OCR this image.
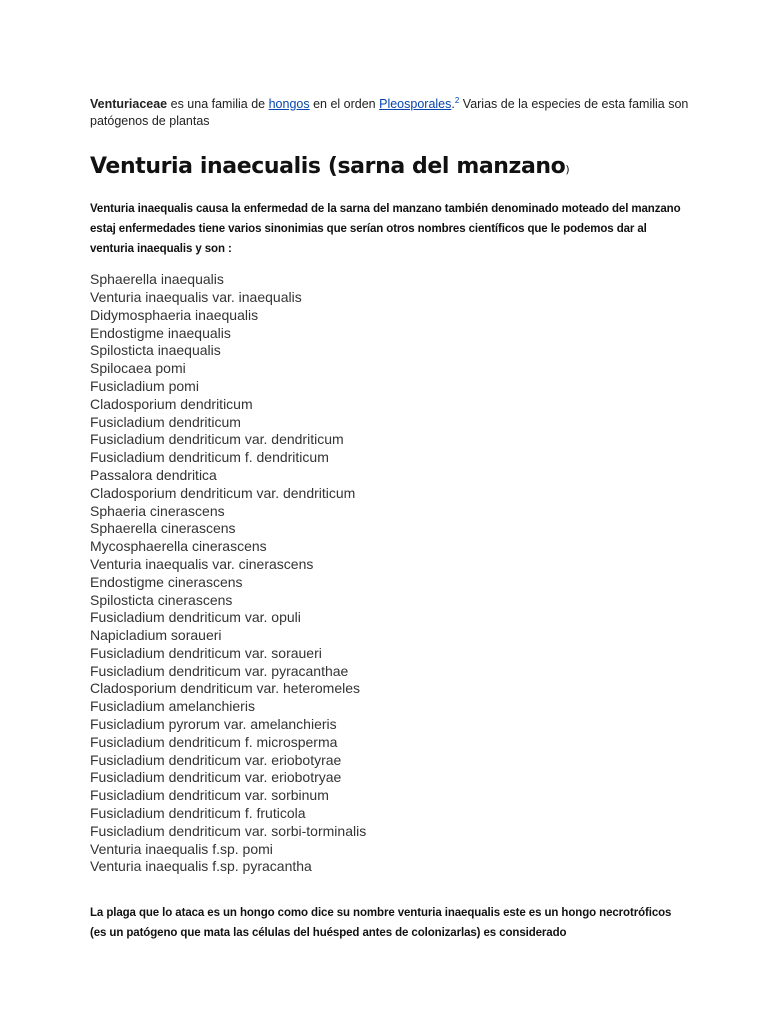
Venturiaceae es una familia de hongos en el orden Pleosporales.$^2$ Varias de la especies de esta familia son patógenos de plantas

Venturia inaecualis (sarna del manzano)

Venturia inaequalis causa la enfermedad de la sarna del manzano también denominado moteado del manzano estaj enfermedades tiene varios sinonimias que serían otros nombres científicos que le podemos dar al venturia inaequalis y son :

Sphaerella inaequalis
Venturia inaequalis var. inaequalis
Didymosphaeria inaequalis
Endostigme inaequalis
Spilosticta inaequalis
Spilocaea pomi
Fusicladium pomi
Cladosporium dendriticum
Fusicladium dendriticum
Fusicladium dendriticum var. dendriticum
Fusicladium dendriticum f. dendriticum
Passalora dendritica
Cladosporium dendriticum var. dendriticum
Sphaeria cinerascens
Sphaerella cinerascens
Mycosphaerella cinerascens
Venturia inaequalis var. cinerascens
Endostigme cinerascens
Spilosticta cinerascens
Fusicladium dendriticum var. opuli
Napicladium soraueri
Fusicladium dendriticum var. soraueri
Fusicladium dendriticum var. pyracanthae
Cladosporium dendriticum var. heteromeles
Fusicladium amelanchieris
Fusicladium pyrorum var. amelanchieris
Fusicladium dendriticum f. microsperma
Fusicladium dendriticum var. eriobotyrae
Fusicladium dendriticum var. eriobotryae
Fusicladium dendriticum var. sorbinum
Fusicladium dendriticum f. fruticola
Fusicladium dendriticum var. sorbi-torminalis
Venturia inaequalis f.sp. pomi
Venturia inaequalis f.sp. pyracantha

La plaga que lo ataca es un hongo como dice su nombre venturia inaequalis este es un hongo necrotróficos (es un patógeno que mata las células del huésped antes de colonizarlas) es considerado
